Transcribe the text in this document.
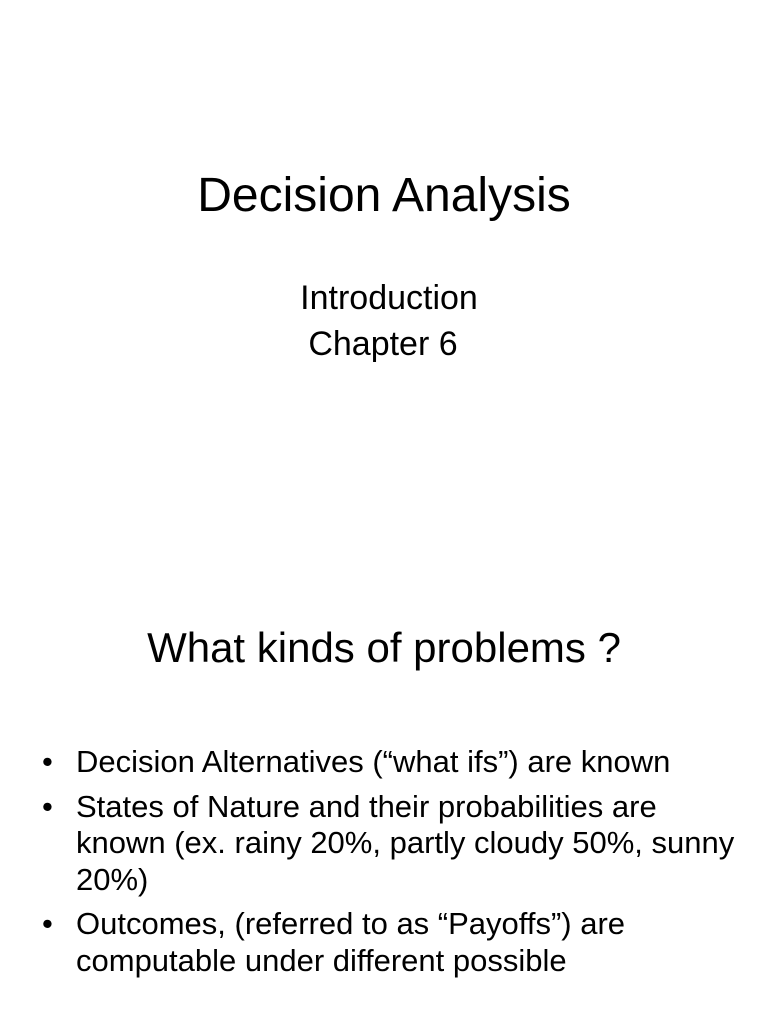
Decision Analysis
Introduction
Chapter 6
What kinds of problems ?
• Decision Alternatives (“what ifs”) are known
• States of Nature and their probabilities are known (ex. rainy 20%, partly cloudy 50%, sunny 20%)
• Outcomes, (referred to as “Payoffs”) are computable under different possible
